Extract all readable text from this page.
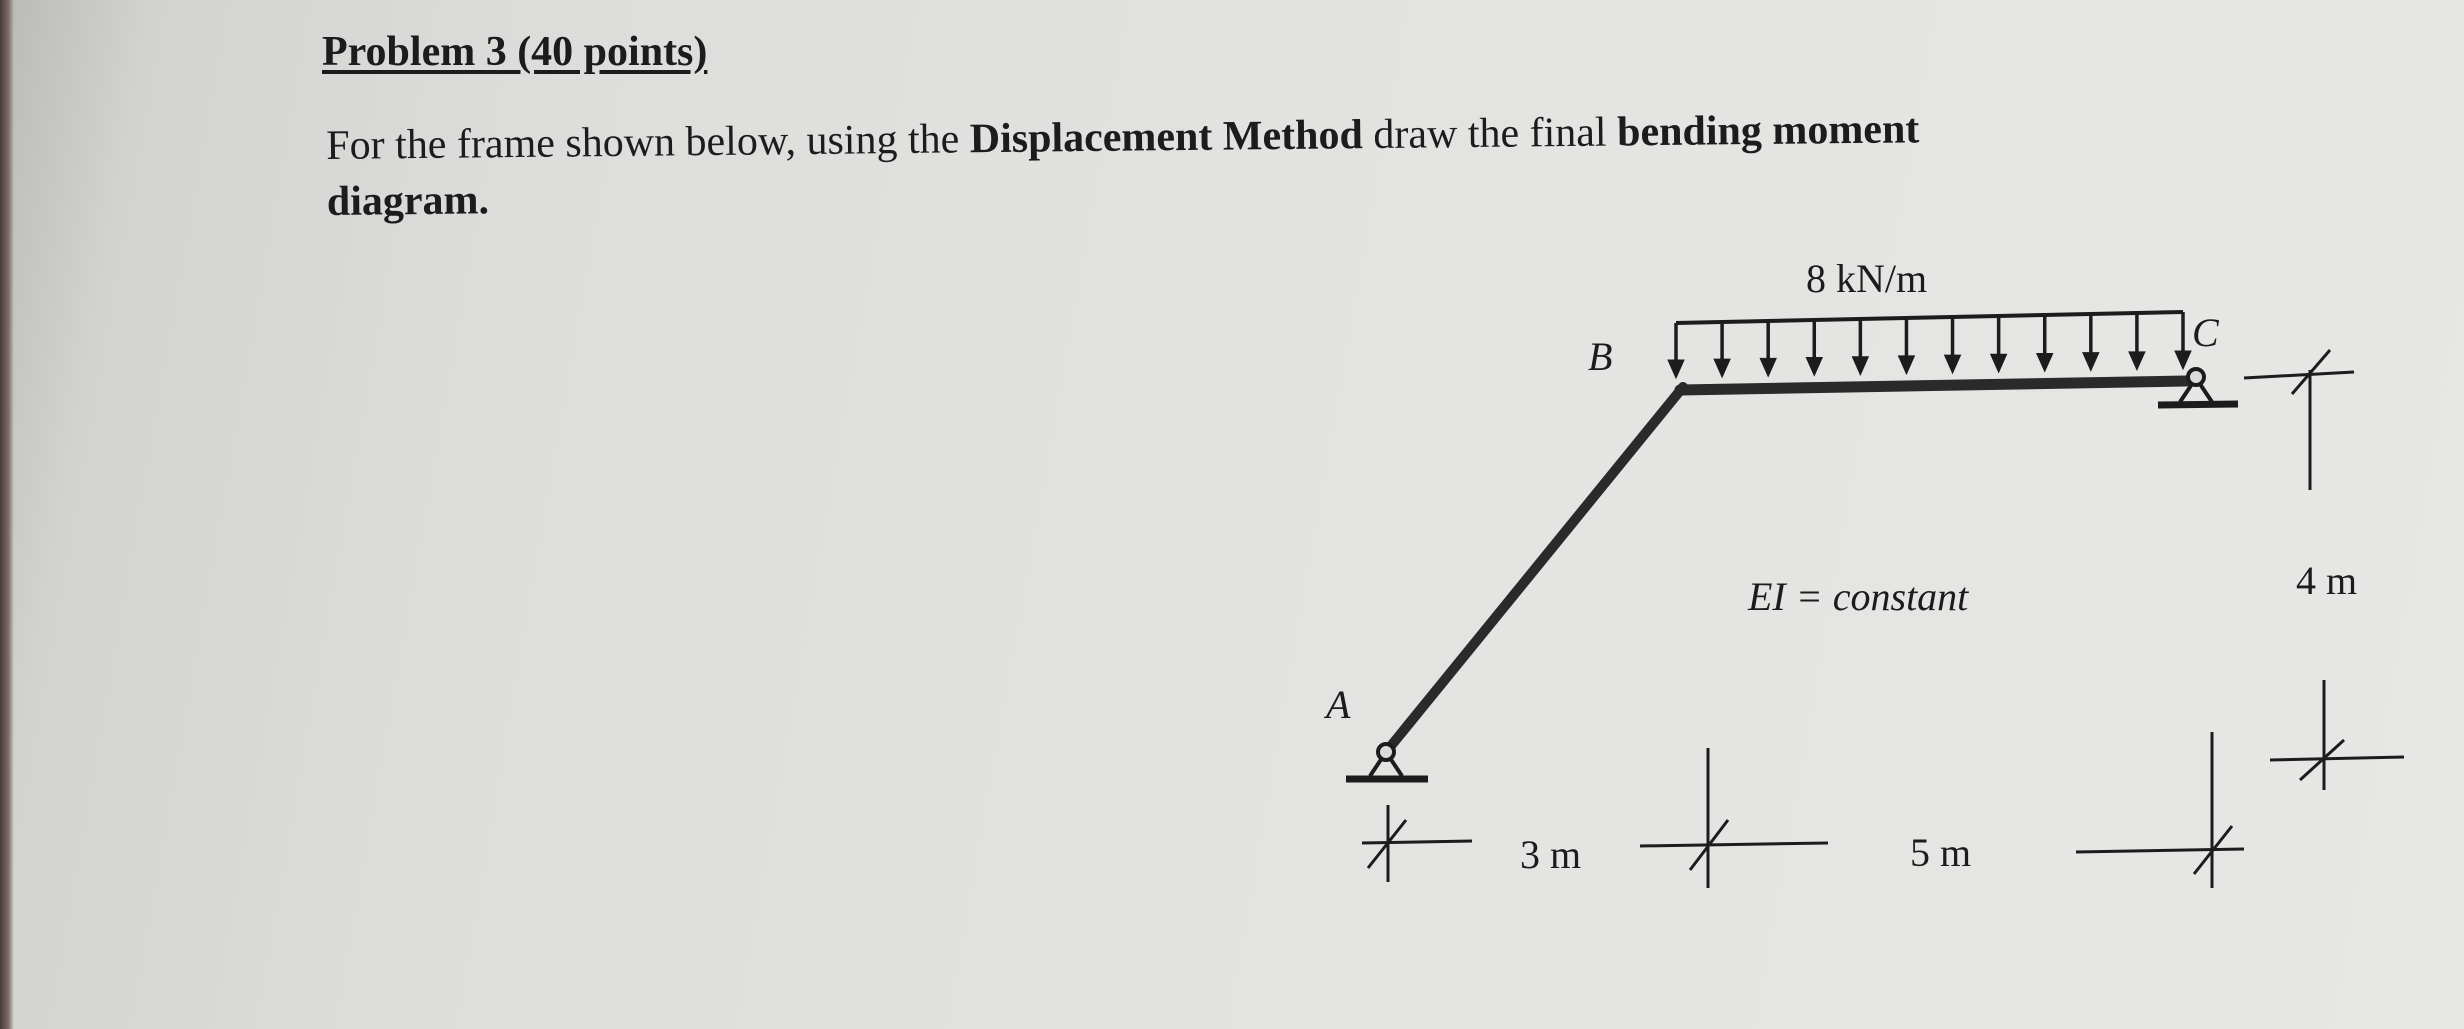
Problem 3 (40 points)
For the frame shown below, using the Displacement Method draw the final bending moment
diagram.
8 kN/m
B
C
A
EI = constant	4 m
3 m	5 m
